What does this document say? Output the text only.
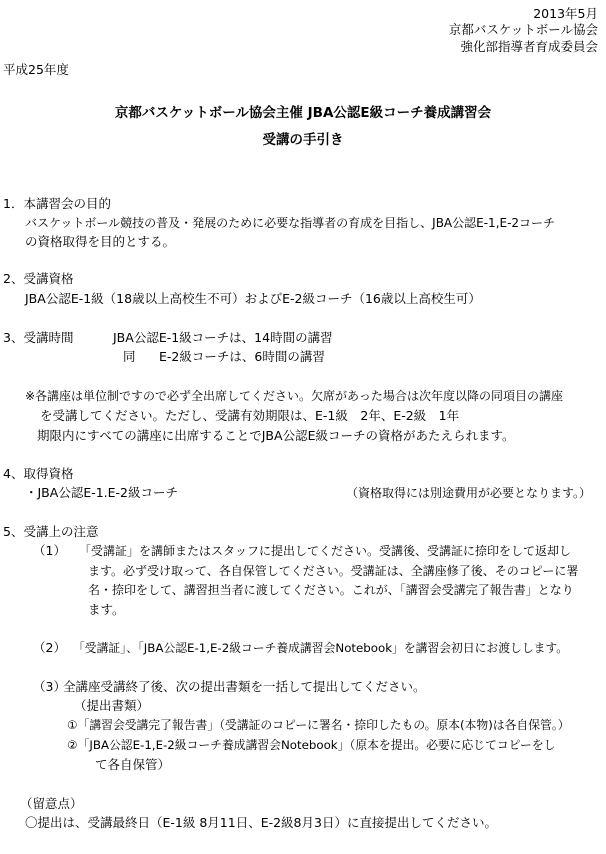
2013年5月
京都バスケットボール協会
強化部指導者育成委員会
平成25年度
京都バスケットボール協会主催 JBA公認E級コーチ養成講習会
受講の手引き
1．本講習会の目的
バスケットボール競技の普及・発展のために必要な指導者の育成を目指し、JBA公認E-1,E-2コーチ
の資格取得を目的とする。
2、受講資格
JBA公認E-1級（18歳以上高校生不可）およびE-2級コーチ（16歳以上高校生可）
3、受講時間	JBA公認E-1級コーチは、14時間の講習
同 E-2級コーチは、6時間の講習
※各講座は単位制ですので必ず全出席してください。欠席があった場合は次年度以降の同項目の講座
を受講してください。ただし、受講有効期限は、E-1級　2年、E-2級　1年
期限内にすべての講座に出席することでJBA公認E級コーチの資格があたえられます。
4、取得資格
・JBA公認E-1.E-2級コーチ	（資格取得には別途費用が必要となります。）
5、受講上の注意
（1） 「受講証」を講師またはスタッフに提出してください。受講後、受講証に捺印をして返却し
ます。必ず受け取って、各自保管してください。受講証は、全講座修了後、そのコピーに署
名・捺印をして、講習担当者に渡してください。これが、「講習会受講完了報告書」となり
ます。
（2） 「受講証」、「JBA公認E-1,E-2級コーチ養成講習会Notebook」を講習会初日にお渡しします。
（3）
全講座受講終了後、次の提出書類を一括して提出してください。
（提出書類）
①「講習会受講完了報告書」（受講証のコピーに署名・捺印したもの。原本(本物)は各自保管。）
②「JBA公認E-1,E-2級コーチ養成講習会Notebook」（原本を提出。必要に応じてコピーをし
て各自保管）
（留意点）
〇提出は、受講最終日（E-1級 8月11日、E-2級8月3日）に直接提出してください。
